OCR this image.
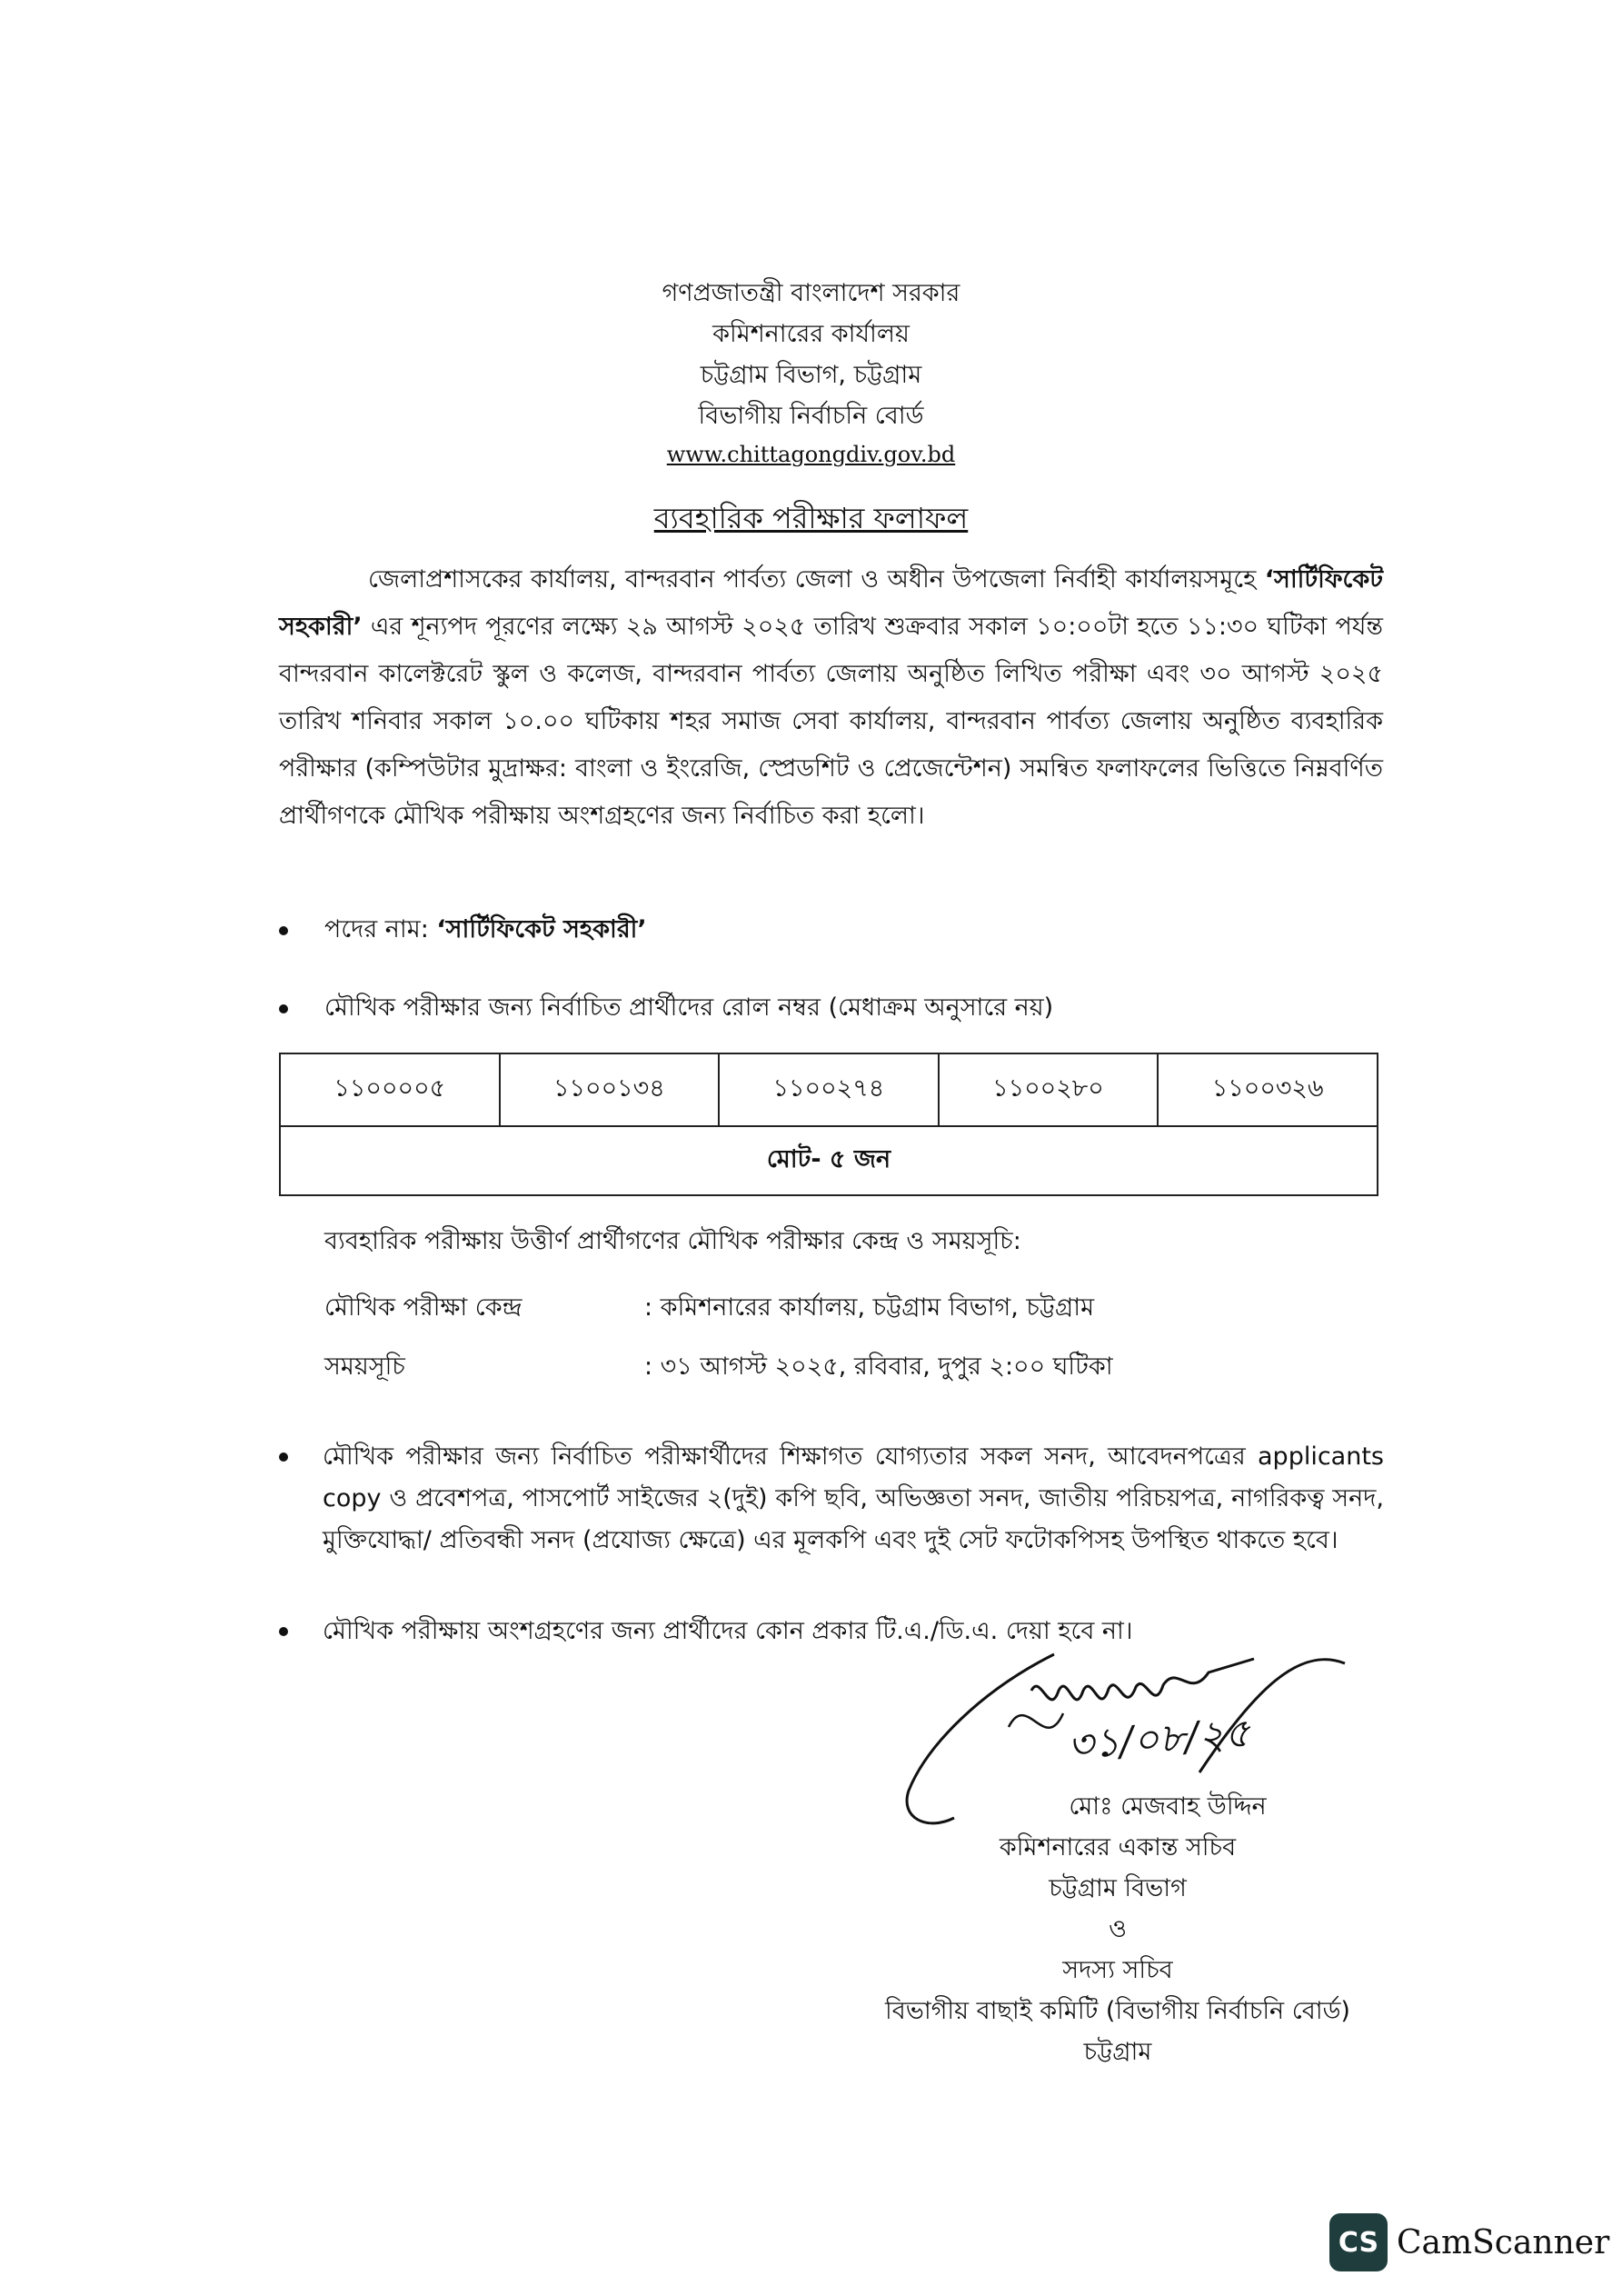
গণপ্রজাতন্ত্রী বাংলাদেশ সরকার
কমিশনারের কার্যালয়
চট্টগ্রাম বিভাগ, চট্টগ্রাম
বিভাগীয় নির্বাচনি বোর্ড
www.chittagongdiv.gov.bd
ব্যবহারিক পরীক্ষার ফলাফল
জেলাপ্রশাসকের কার্যালয়, বান্দরবান পার্বত্য জেলা ও অধীন উপজেলা নির্বাহী কার্যালয়সমূহে ‘সার্টিফিকেট সহকারী’ এর শূন্যপদ পূরণের লক্ষ্যে ২৯ আগস্ট ২০২৫ তারিখ শুক্রবার সকাল ১০:০০টা হতে ১১:৩০ ঘটিকা পর্যন্ত বান্দরবান কালেক্টরেট স্কুল ও কলেজ, বান্দরবান পার্বত্য জেলায় অনুষ্ঠিত লিখিত পরীক্ষা এবং ৩০ আগস্ট ২০২৫ তারিখ শনিবার সকাল ১০.০০ ঘটিকায় শহর সমাজ সেবা কার্যালয়, বান্দরবান পার্বত্য জেলায় অনুষ্ঠিত ব্যবহারিক পরীক্ষার (কম্পিউটার মুদ্রাক্ষর: বাংলা ও ইংরেজি, স্প্রেডশিট ও প্রেজেন্টেশন) সমন্বিত ফলাফলের ভিত্তিতে নিম্নবর্ণিত প্রার্থীগণকে মৌখিক পরীক্ষায় অংশগ্রহণের জন্য নির্বাচিত করা হলো।
পদের নাম: ‘সার্টিফিকেট সহকারী’
মৌখিক পরীক্ষার জন্য নির্বাচিত প্রার্থীদের রোল নম্বর (মেধাক্রম অনুসারে নয়)
১১০০০০৫	১১০০১৩৪	১১০০২৭৪	১১০০২৮০	১১০০৩২৬
মোট- ৫ জন
ব্যবহারিক পরীক্ষায় উত্তীর্ণ প্রার্থীগণের মৌখিক পরীক্ষার কেন্দ্র ও সময়সূচি:
মৌখিক পরীক্ষা কেন্দ্র	: কমিশনারের কার্যালয়, চট্টগ্রাম বিভাগ, চট্টগ্রাম
সময়সূচি	: ৩১ আগস্ট ২০২৫, রবিবার, দুপুর ২:০০ ঘটিকা
মৌখিক পরীক্ষার জন্য নির্বাচিত পরীক্ষার্থীদের শিক্ষাগত যোগ্যতার সকল সনদ, আবেদনপত্রের applicants copy ও প্রবেশপত্র, পাসপোর্ট সাইজের ২(দুই) কপি ছবি, অভিজ্ঞতা সনদ, জাতীয় পরিচয়পত্র, নাগরিকত্ব সনদ, মুক্তিযোদ্ধা/ প্রতিবন্ধী সনদ (প্রযোজ্য ক্ষেত্রে) এর মূলকপি এবং দুই সেট ফটোকপিসহ উপস্থিত থাকতে হবে।
মৌখিক পরীক্ষায় অংশগ্রহণের জন্য প্রার্থীদের কোন প্রকার টি.এ./ডি.এ. দেয়া হবে না।
৩১/০৮/২৫
মোঃ মেজবাহ উদ্দিন
কমিশনারের একান্ত সচিব
চট্টগ্রাম বিভাগ
ও
সদস্য সচিব
বিভাগীয় বাছাই কমিটি (বিভাগীয় নির্বাচনি বোর্ড)
চট্টগ্রাম
CS CamScanner
